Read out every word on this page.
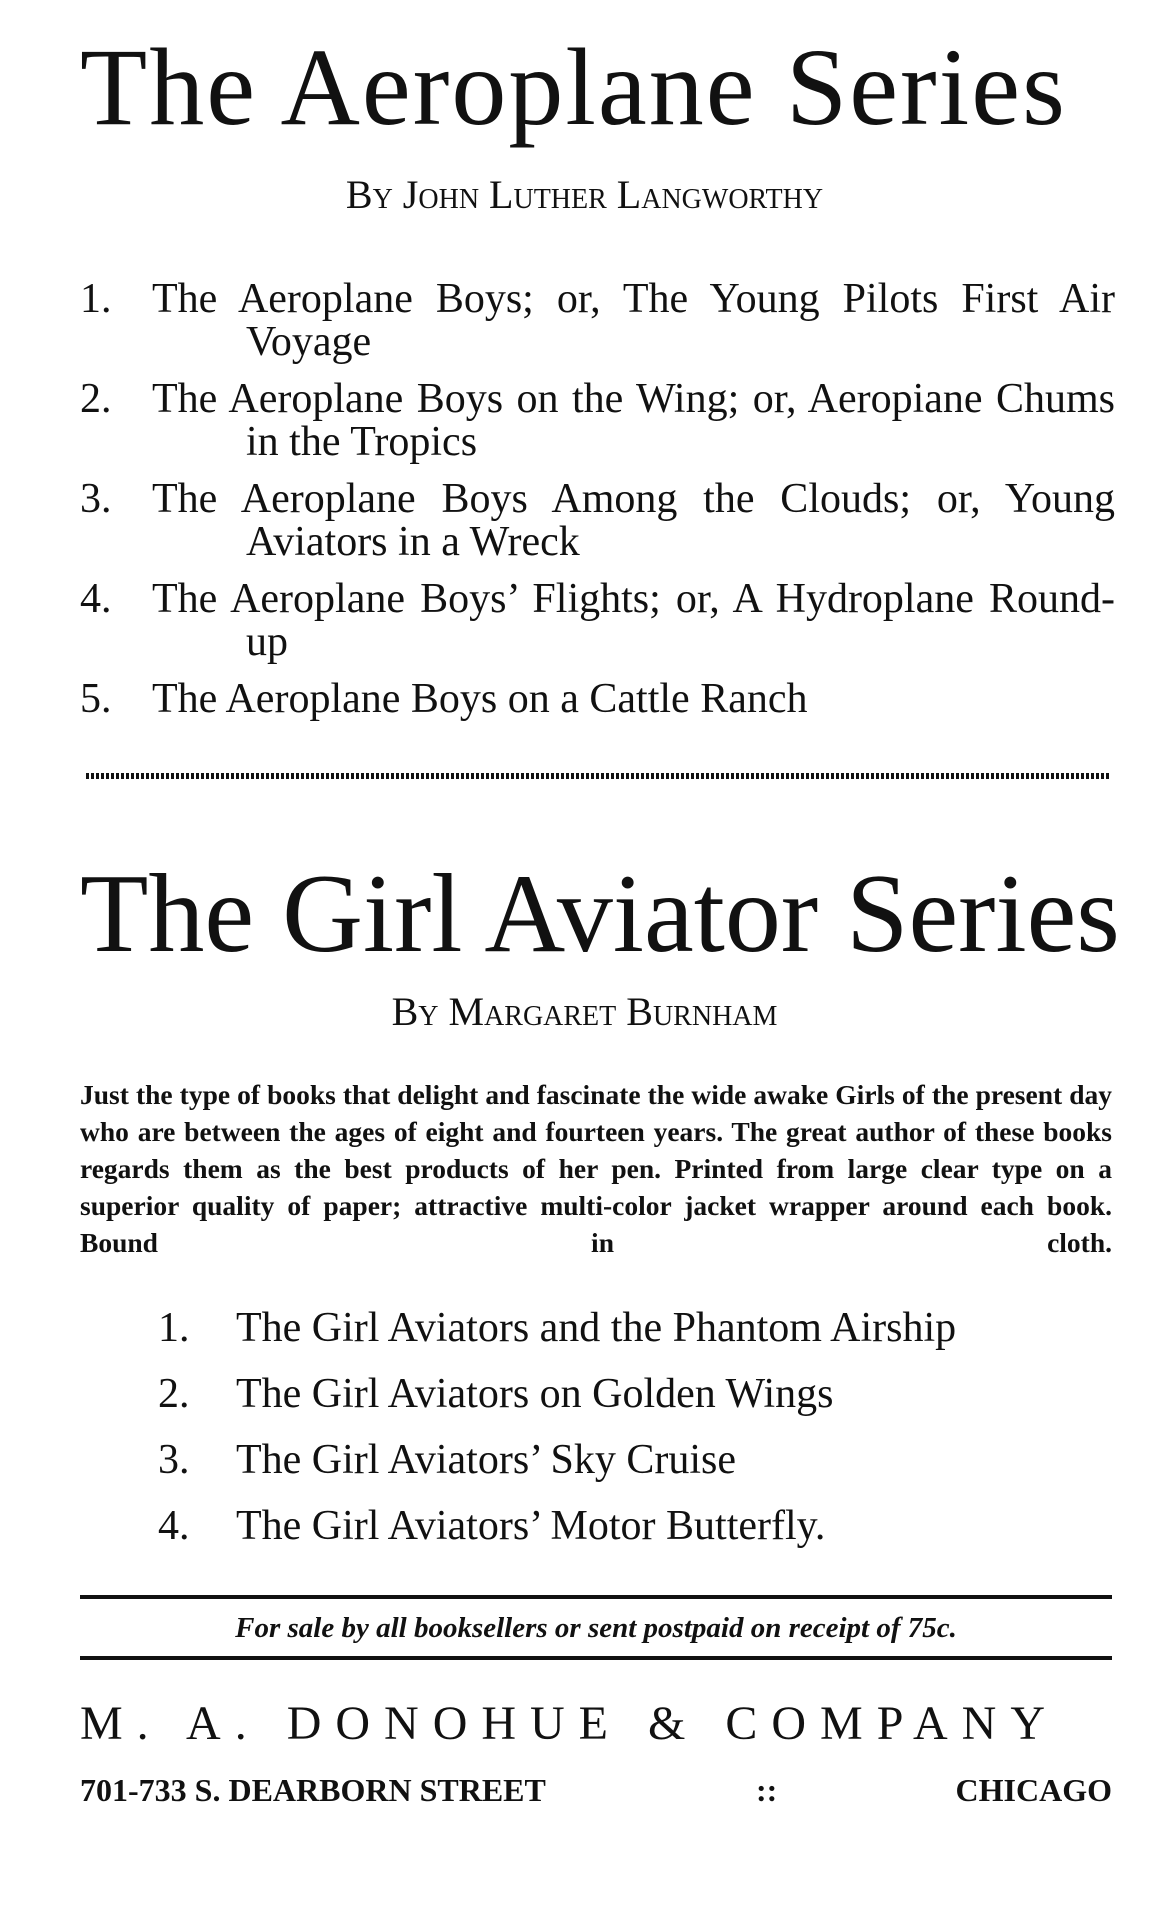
The Aeroplane Series
By John Luther Langworthy
1. The Aeroplane Boys; or, The Young Pilots First Air Voyage
2. The Aeroplane Boys on the Wing; or, Aeropiane Chums in the Tropics
3. The Aeroplane Boys Among the Clouds; or, Young Aviators in a Wreck
4. The Aeroplane Boys’ Flights; or, A Hydroplane Round-up
5. The Aeroplane Boys on a Cattle Ranch
The Girl Aviator Series
By Margaret Burnham

Just the type of books that delight and fascinate the wide awake Girls of the present day who are between the ages of eight and fourteen years. The great author of these books regards them as the best products of her pen. Printed from large clear type on a superior quality of paper; attractive multi-color jacket wrapper around each book. Bound in cloth.

1. The Girl Aviators and the Phantom Airship
2. The Girl Aviators on Golden Wings
3. The Girl Aviators’ Sky Cruise
4. The Girl Aviators’ Motor Butterfly.
For sale by all booksellers or sent postpaid on receipt of 75c.
M. A. DONOHUE & COMPANY
701-733 S. DEARBORN STREET	::	CHICAGO
